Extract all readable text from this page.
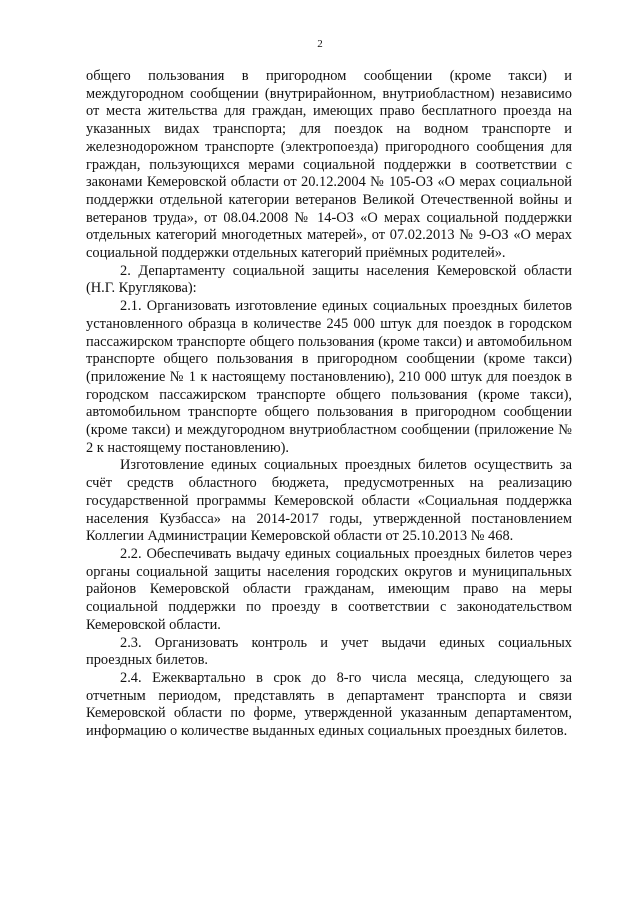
2

общего пользования в пригородном сообщении (кроме такси) и междугородном сообщении (внутрирайонном, внутриобластном) независимо от места жительства для граждан, имеющих право бесплатного проезда на указанных видах транспорта; для поездок на водном транспорте и железнодорожном транспорте (электропоезда) пригородного сообщения для граждан, пользующихся мерами социальной поддержки в соответствии с законами Кемеровской области от 20.12.2004 № 105-ОЗ «О мерах социальной поддержки отдельной категории ветеранов Великой Отечественной войны и ветеранов труда», от 08.04.2008 № 14-ОЗ «О мерах социальной поддержки отдельных категорий многодетных матерей», от 07.02.2013 № 9-ОЗ «О мерах социальной поддержки отдельных категорий приёмных родителей».

2. Департаменту социальной защиты населения Кемеровской области (Н.Г. Круглякова):

2.1. Организовать изготовление единых социальных проездных билетов установленного образца в количестве 245 000 штук для поездок в городском пассажирском транспорте общего пользования (кроме такси) и автомобильном транспорте общего пользования в пригородном сообщении (кроме такси) (приложение № 1 к настоящему постановлению), 210 000 штук для поездок в городском пассажирском транспорте общего пользования (кроме такси), автомобильном транспорте общего пользования в пригородном сообщении (кроме такси) и междугородном внутриобластном сообщении (приложение № 2 к настоящему постановлению).

Изготовление единых социальных проездных билетов осуществить за счёт средств областного бюджета, предусмотренных на реализацию государственной программы Кемеровской области «Социальная поддержка населения Кузбасса» на 2014-2017 годы, утвержденной постановлением Коллегии Администрации Кемеровской области от 25.10.2013 № 468.

2.2. Обеспечивать выдачу единых социальных проездных билетов через органы социальной защиты населения городских округов и муниципальных районов Кемеровской области гражданам, имеющим право на меры социальной поддержки по проезду в соответствии с законодательством Кемеровской области.

2.3. Организовать контроль и учет выдачи единых социальных проездных билетов.

2.4. Ежеквартально в срок до 8-го числа месяца, следующего за отчетным периодом, представлять в департамент транспорта и связи Кемеровской области по форме, утвержденной указанным департаментом, информацию о количестве выданных единых социальных проездных билетов.
